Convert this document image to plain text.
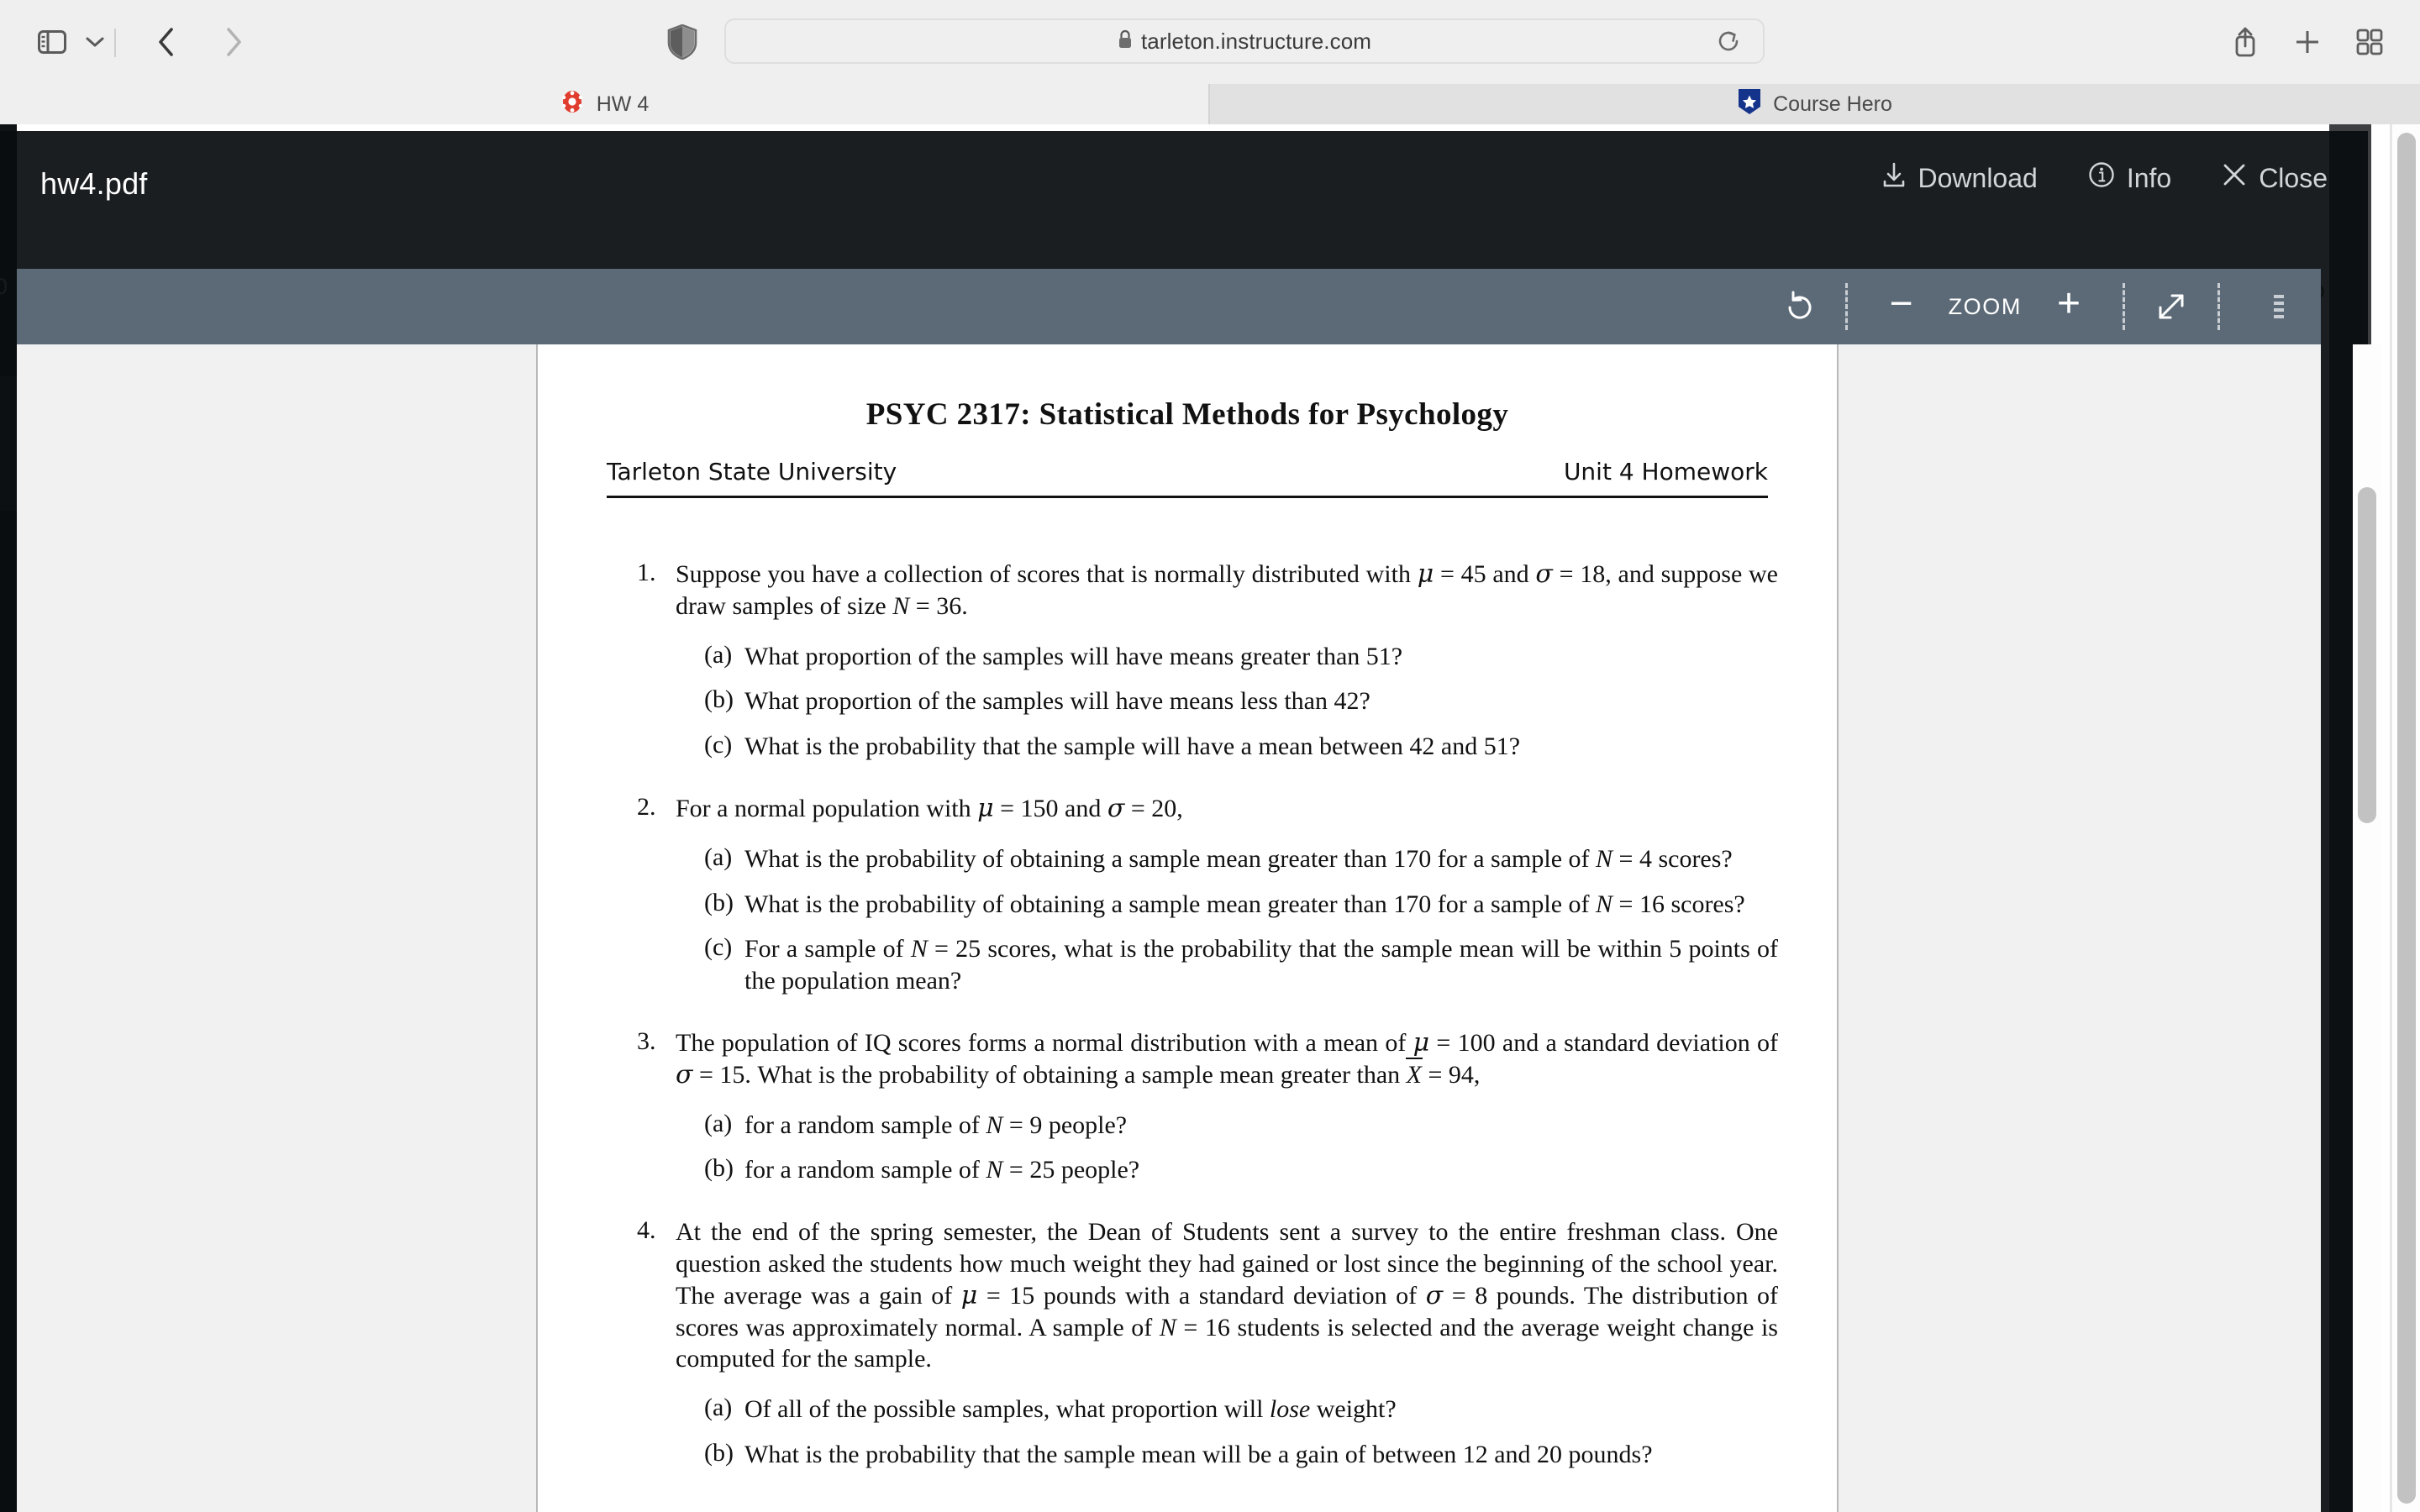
tarleton.instructure.com
HW 4	Course Hero
hw4.pdf	Download	Info	Close
−	ZOOM +
PSYC 2317: Statistical Methods for Psychology
Tarleton State University	Unit 4 Homework
1. Suppose you have a collection of scores that is normally distributed with μ = 45 and σ = 18, and suppose we draw samples of size N = 36.
(a) What proportion of the samples will have means greater than 51?
(b) What proportion of the samples will have means less than 42?
(c) What is the probability that the sample will have a mean between 42 and 51?
2. For a normal population with μ = 150 and σ = 20,
(a) What is the probability of obtaining a sample mean greater than 170 for a sample of N = 4 scores?
(b) What is the probability of obtaining a sample mean greater than 170 for a sample of N = 16 scores?
(c) For a sample of N = 25 scores, what is the probability that the sample mean will be within 5 points of the population mean?
3. The population of IQ scores forms a normal distribution with a mean of μ = 100 and a standard deviation of σ = 15. What is the probability of obtaining a sample mean greater than X = 94,
(a) for a random sample of N = 9 people?
(b) for a random sample of N = 25 people?
4. At the end of the spring semester, the Dean of Students sent a survey to the entire freshman class. One question asked the students how much weight they had gained or lost since the beginning of the school year. The average was a gain of μ = 15 pounds with a standard deviation of σ = 8 pounds. The distribution of scores was approximately normal. A sample of N = 16 students is selected and the average weight change is computed for the sample.
(a) Of all of the possible samples, what proportion will lose weight?
(b) What is the probability that the sample mean will be a gain of between 12 and 20 pounds?
